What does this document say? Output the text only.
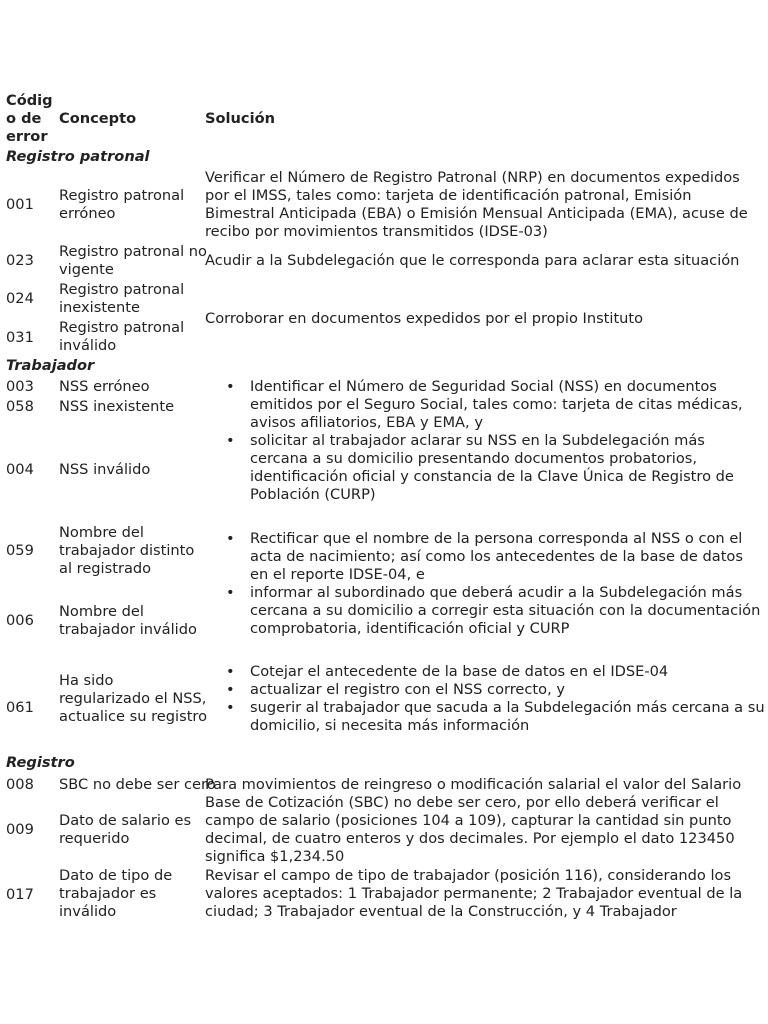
Códig o de error
Concepto	Solución
Registro patronal
001
Registro patronal erróneo
Verificar el Número de Registro Patronal (NRP) en documentos expedidos por el IMSS, tales como: tarjeta de identificación patronal, Emisión Bimestral Anticipada (EBA) o Emisión Mensual Anticipada (EMA), acuse de recibo por movimientos transmitidos (IDSE-03)
023
Registro patronal no vigente
Acudir a la Subdelegación que le corresponda para aclarar esta situación
024
Registro patronal inexistente
Corroborar en documentos expedidos por el propio Instituto
031
Registro patronal inválido
Trabajador
003 NSS erróneo
058 NSS inexistente
004 NSS inválido
• Identificar el Número de Seguridad Social (NSS) en documentos emitidos por el Seguro Social, tales como: tarjeta de citas médicas, avisos afiliatorios, EBA y EMA, y
• solicitar al trabajador aclarar su NSS en la Subdelegación más cercana a su domicilio presentando documentos probatorios, identificación oficial y constancia de la Clave Única de Registro de Población (CURP)
059
Nombre del trabajador distinto al registrado
006
Nombre del trabajador inválido
• Rectificar que el nombre de la persona corresponda al NSS o con el acta de nacimiento; así como los antecedentes de la base de datos en el reporte IDSE-04, e
• informar al subordinado que deberá acudir a la Subdelegación más cercana a su domicilio a corregir esta situación con la documentación comprobatoria, identificación oficial y CURP
061
Ha sido regularizado el NSS, actualice su registro
• Cotejar el antecedente de la base de datos en el IDSE-04
• actualizar el registro con el NSS correcto, y
• sugerir al trabajador que sacuda a la Subdelegación más cercana a su domicilio, si necesita más información
Registro
008 SBC no debe ser cero
Para movimientos de reingreso o modificación salarial el valor del Salario Base de Cotización (SBC) no debe ser cero, por ello deberá verificar el campo de salario (posiciones 104 a 109), capturar la cantidad sin punto decimal, de cuatro enteros y dos decimales. Por ejemplo el dato 123450 significa $1,234.50
009
Dato de salario es requerido
017
Dato de tipo de trabajador es inválido
Revisar el campo de tipo de trabajador (posición 116), considerando los valores aceptados: 1 Trabajador permanente; 2 Trabajador eventual de la ciudad; 3 Trabajador eventual de la Construcción, y 4 Trabajador
